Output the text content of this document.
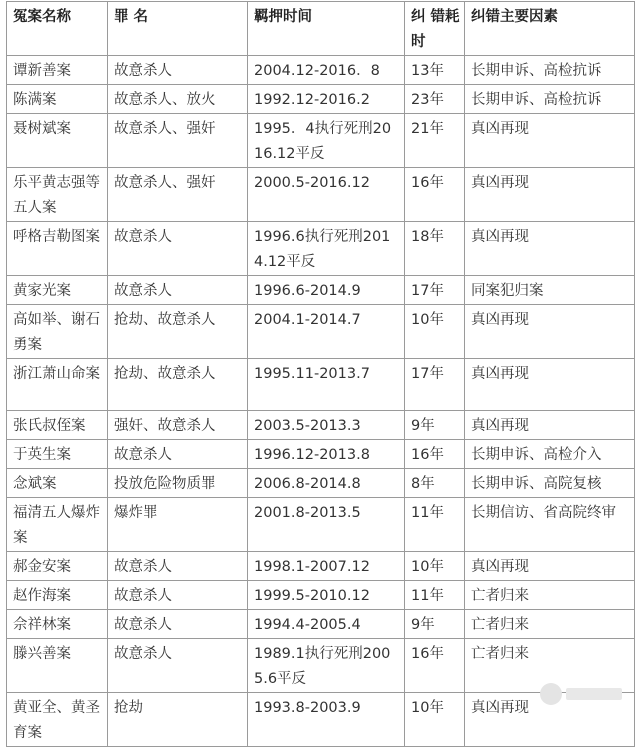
冤案名称	罪 名	羁押时间	纠 错耗时	纠错主要因素
谭新善案	故意杀人	2004.12-2016．8	13年	长期申诉、高检抗诉
陈满案	故意杀人、放火	1992.12-2016.2	23年	长期申诉、高检抗诉
聂树斌案	故意杀人、强奸	1995．4执行死刑2016.12平反	21年	真凶再现
乐平黄志强等五人案	故意杀人、强奸	2000.5-2016.12	16年	真凶再现
呼格吉勒图案	故意杀人	1996.6执行死刑2014.12平反	18年	真凶再现
黄家光案	故意杀人	1996.6-2014.9	17年	同案犯归案
高如举、谢石勇案	抢劫、故意杀人	2004.1-2014.7	10年	真凶再现
浙江萧山命案	抢劫、故意杀人	1995.11-2013.7	17年	真凶再现
张氏叔侄案	强奸、故意杀人	2003.5-2013.3	9年	真凶再现
于英生案	故意杀人	1996.12-2013.8	16年	长期申诉、高检介入
念斌案	投放危险物质罪	2006.8-2014.8	8年	长期申诉、高院复核
福清五人爆炸案	爆炸罪	2001.8-2013.5	11年	长期信访、省高院终审
郝金安案	故意杀人	1998.1-2007.12	10年	真凶再现
赵作海案	故意杀人	1999.5-2010.12	11年	亡者归来
佘祥林案	故意杀人	1994.4-2005.4	9年	亡者归来
滕兴善案	故意杀人	1989.1执行死刑2005.6平反	16年	亡者归来
黄亚全、黄圣育案	抢劫	1993.8-2003.9	10年	真凶再现
